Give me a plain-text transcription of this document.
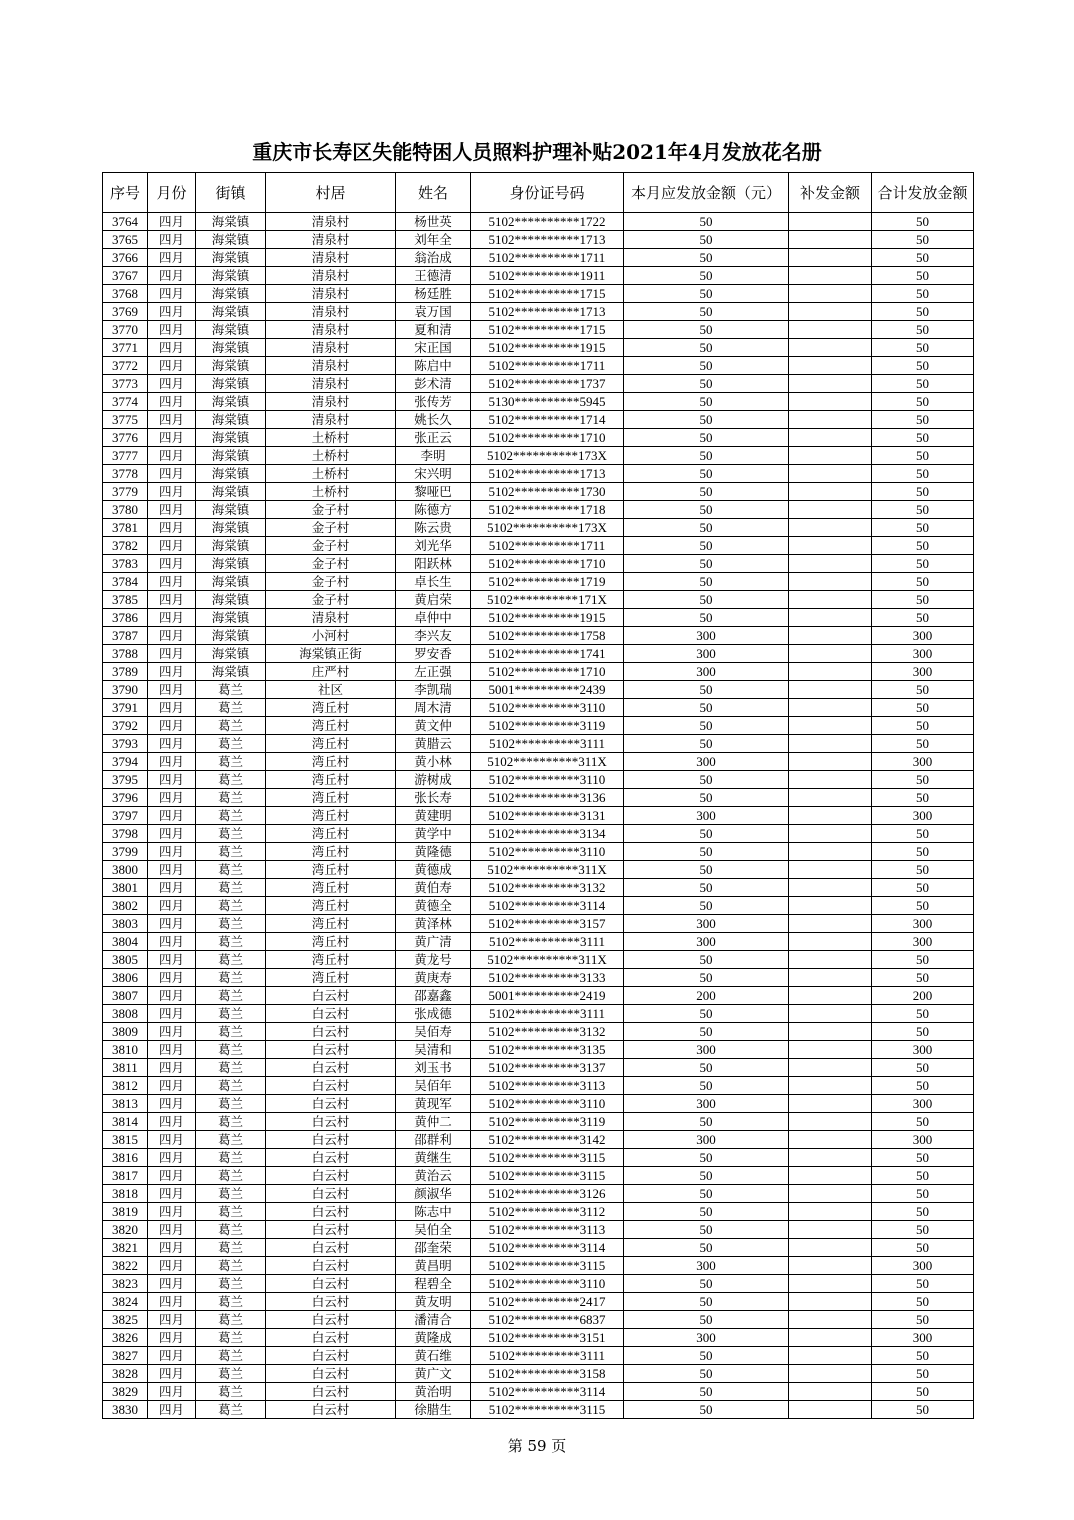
重庆市长寿区失能特困人员照料护理补贴2021年4月发放花名册
序号	月份	街镇	村居	姓名	身份证号码	本月应发放金额（元）	补发金额	合计发放金额
3764	四月	海棠镇	清泉村	杨世英	5102**********1722	50		50
3765	四月	海棠镇	清泉村	刘年全	5102**********1713	50		50
3766	四月	海棠镇	清泉村	翁治成	5102**********1711	50		50
3767	四月	海棠镇	清泉村	王德清	5102**********1911	50		50
3768	四月	海棠镇	清泉村	杨廷胜	5102**********1715	50		50
3769	四月	海棠镇	清泉村	袁万国	5102**********1713	50		50
3770	四月	海棠镇	清泉村	夏和清	5102**********1715	50		50
3771	四月	海棠镇	清泉村	宋正国	5102**********1915	50		50
3772	四月	海棠镇	清泉村	陈启中	5102**********1711	50		50
3773	四月	海棠镇	清泉村	彭术清	5102**********1737	50		50
3774	四月	海棠镇	清泉村	张传芳	5130**********5945	50		50
3775	四月	海棠镇	清泉村	姚长久	5102**********1714	50		50
3776	四月	海棠镇	土桥村	张正云	5102**********1710	50		50
3777	四月	海棠镇	土桥村	李明	5102**********173X	50		50
3778	四月	海棠镇	土桥村	宋兴明	5102**********1713	50		50
3779	四月	海棠镇	土桥村	黎哑巴	5102**********1730	50		50
3780	四月	海棠镇	金子村	陈德方	5102**********1718	50		50
3781	四月	海棠镇	金子村	陈云贵	5102**********173X	50		50
3782	四月	海棠镇	金子村	刘光华	5102**********1711	50		50
3783	四月	海棠镇	金子村	阳跃林	5102**********1710	50		50
3784	四月	海棠镇	金子村	卓长生	5102**********1719	50		50
3785	四月	海棠镇	金子村	黄启荣	5102**********171X	50		50
3786	四月	海棠镇	清泉村	卓仲中	5102**********1915	50		50
3787	四月	海棠镇	小河村	李兴友	5102**********1758	300		300
3788	四月	海棠镇	海棠镇正街	罗安香	5102**********1741	300		300
3789	四月	海棠镇	庄严村	左正强	5102**********1710	300		300
3790	四月	葛兰	社区	李凯瑞	5001**********2439	50		50
3791	四月	葛兰	湾丘村	周木清	5102**********3110	50		50
3792	四月	葛兰	湾丘村	黄文仲	5102**********3119	50		50
3793	四月	葛兰	湾丘村	黄腊云	5102**********3111	50		50
3794	四月	葛兰	湾丘村	黄小林	5102**********311X	300		300
3795	四月	葛兰	湾丘村	游树成	5102**********3110	50		50
3796	四月	葛兰	湾丘村	张长寿	5102**********3136	50		50
3797	四月	葛兰	湾丘村	黄建明	5102**********3131	300		300
3798	四月	葛兰	湾丘村	黄学中	5102**********3134	50		50
3799	四月	葛兰	湾丘村	黄隆德	5102**********3110	50		50
3800	四月	葛兰	湾丘村	黄德成	5102**********311X	50		50
3801	四月	葛兰	湾丘村	黄伯寿	5102**********3132	50		50
3802	四月	葛兰	湾丘村	黄德全	5102**********3114	50		50
3803	四月	葛兰	湾丘村	黄泽林	5102**********3157	300		300
3804	四月	葛兰	湾丘村	黄广清	5102**********3111	300		300
3805	四月	葛兰	湾丘村	黄龙号	5102**********311X	50		50
3806	四月	葛兰	湾丘村	黄庚寿	5102**********3133	50		50
3807	四月	葛兰	白云村	邵嘉鑫	5001**********2419	200		200
3808	四月	葛兰	白云村	张成德	5102**********3111	50		50
3809	四月	葛兰	白云村	吴佰寿	5102**********3132	50		50
3810	四月	葛兰	白云村	吴清和	5102**********3135	300		300
3811	四月	葛兰	白云村	刘玉书	5102**********3137	50		50
3812	四月	葛兰	白云村	吴佰年	5102**********3113	50		50
3813	四月	葛兰	白云村	黄现军	5102**********3110	300		300
3814	四月	葛兰	白云村	黄仲二	5102**********3119	50		50
3815	四月	葛兰	白云村	邵群利	5102**********3142	300		300
3816	四月	葛兰	白云村	黄继生	5102**********3115	50		50
3817	四月	葛兰	白云村	黄治云	5102**********3115	50		50
3818	四月	葛兰	白云村	颜淑华	5102**********3126	50		50
3819	四月	葛兰	白云村	陈志中	5102**********3112	50		50
3820	四月	葛兰	白云村	吴伯全	5102**********3113	50		50
3821	四月	葛兰	白云村	邵奎荣	5102**********3114	50		50
3822	四月	葛兰	白云村	黄昌明	5102**********3115	300		300
3823	四月	葛兰	白云村	程碧全	5102**********3110	50		50
3824	四月	葛兰	白云村	黄友明	5102**********2417	50		50
3825	四月	葛兰	白云村	潘清合	5102**********6837	50		50
3826	四月	葛兰	白云村	黄隆成	5102**********3151	300		300
3827	四月	葛兰	白云村	黄石维	5102**********3111	50		50
3828	四月	葛兰	白云村	黄广文	5102**********3158	50		50
3829	四月	葛兰	白云村	黄治明	5102**********3114	50		50
3830	四月	葛兰	白云村	徐腊生	5102**********3115	50		50
第 59 页
